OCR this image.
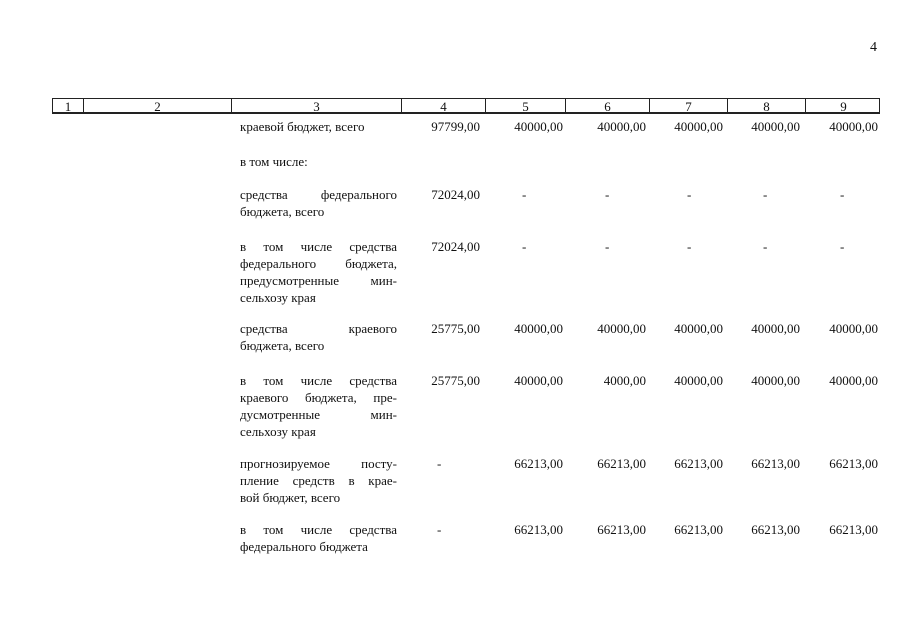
4
1	2	3	4	5	6	7	8	9
краевой бюджет, всего	97799,00	40000,00	40000,00 40000,00 40000,00 40000,00
в том числе:
средства федерального
бюджета, всего
72024,00	-	-	-	-	-
в том числе средства
федерального бюджета,
предусмотренные мин-
сельхозу края
72024,00	-	-	-	-	-
средства краевого
бюджета, всего
25775,00	40000,00	40000,00 40000,00 40000,00 40000,00
в том числе средства
краевого бюджета, пре-
дусмотренные мин-
сельхозу края
25775,00	40000,00	4000,00 40000,00 40000,00 40000,00
прогнозируемое посту-
пление средств в крае-
вой бюджет, всего
-	66213,00	66213,00 66213,00 66213,00 66213,00
в том числе средства
федерального бюджета
-	66213,00	66213,00 66213,00 66213,00 66213,00
